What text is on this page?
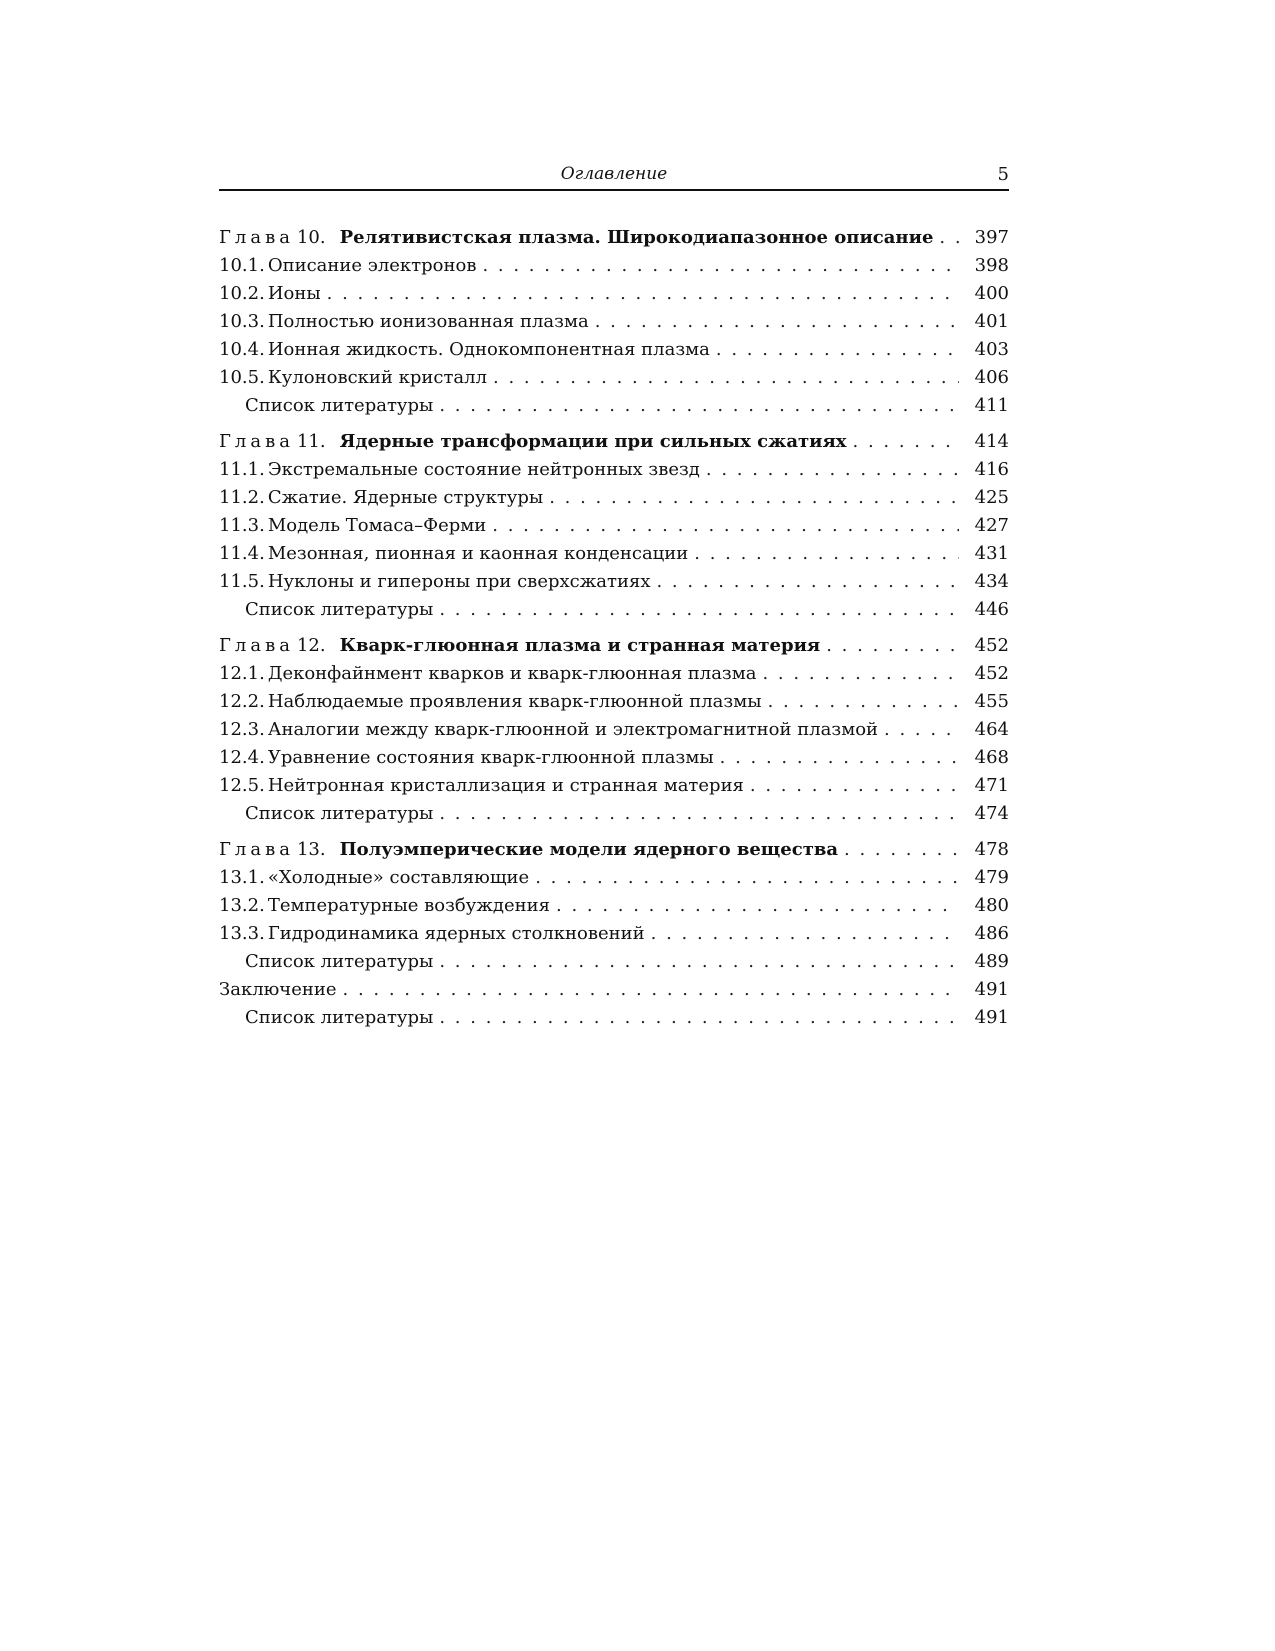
Оглавление	5
Глава 10. Релятивистская плазма. Широкодиапазонное описание . . .	397
10.1. Описание электронов . . .	398
10.2. Ионы . . .	400
10.3. Полностью ионизованная плазма . . .	401
10.4. Ионная жидкость. Однокомпонентная плазма . . .	403
10.5. Кулоновский кристалл . . .	406
Список литературы . . .	411
Глава 11. Ядерные трансформации при сильных сжатиях . . .	414
11.1. Экстремальные состояние нейтронных звезд . . .	416
11.2. Сжатие. Ядерные структуры . . .	425
11.3. Модель Томаса–Ферми . . .	427
11.4. Мезонная, пионная и каонная конденсации . . .	431
11.5. Нуклоны и гипероны при сверхсжатиях . . .	434
Список литературы . . .	446
Глава 12. Кварк-глюонная плазма и странная материя . . .	452
12.1. Деконфайнмент кварков и кварк-глюонная плазма . . .	452
12.2. Наблюдаемые проявления кварк-глюонной плазмы . . .	455
12.3. Аналогии между кварк-глюонной и электромагнитной плазмой . . .	464
12.4. Уравнение состояния кварк-глюонной плазмы . . .	468
12.5. Нейтронная кристаллизация и странная материя . . .	471
Список литературы . . .	474
Глава 13. Полуэмперические модели ядерного вещества . . .	478
13.1. «Холодные» составляющие . . .	479
13.2. Температурные возбуждения . . .	480
13.3. Гидродинамика ядерных столкновений . . .	486
Список литературы . . .	489
Заключение . . .	491
Список литературы . . .	491
